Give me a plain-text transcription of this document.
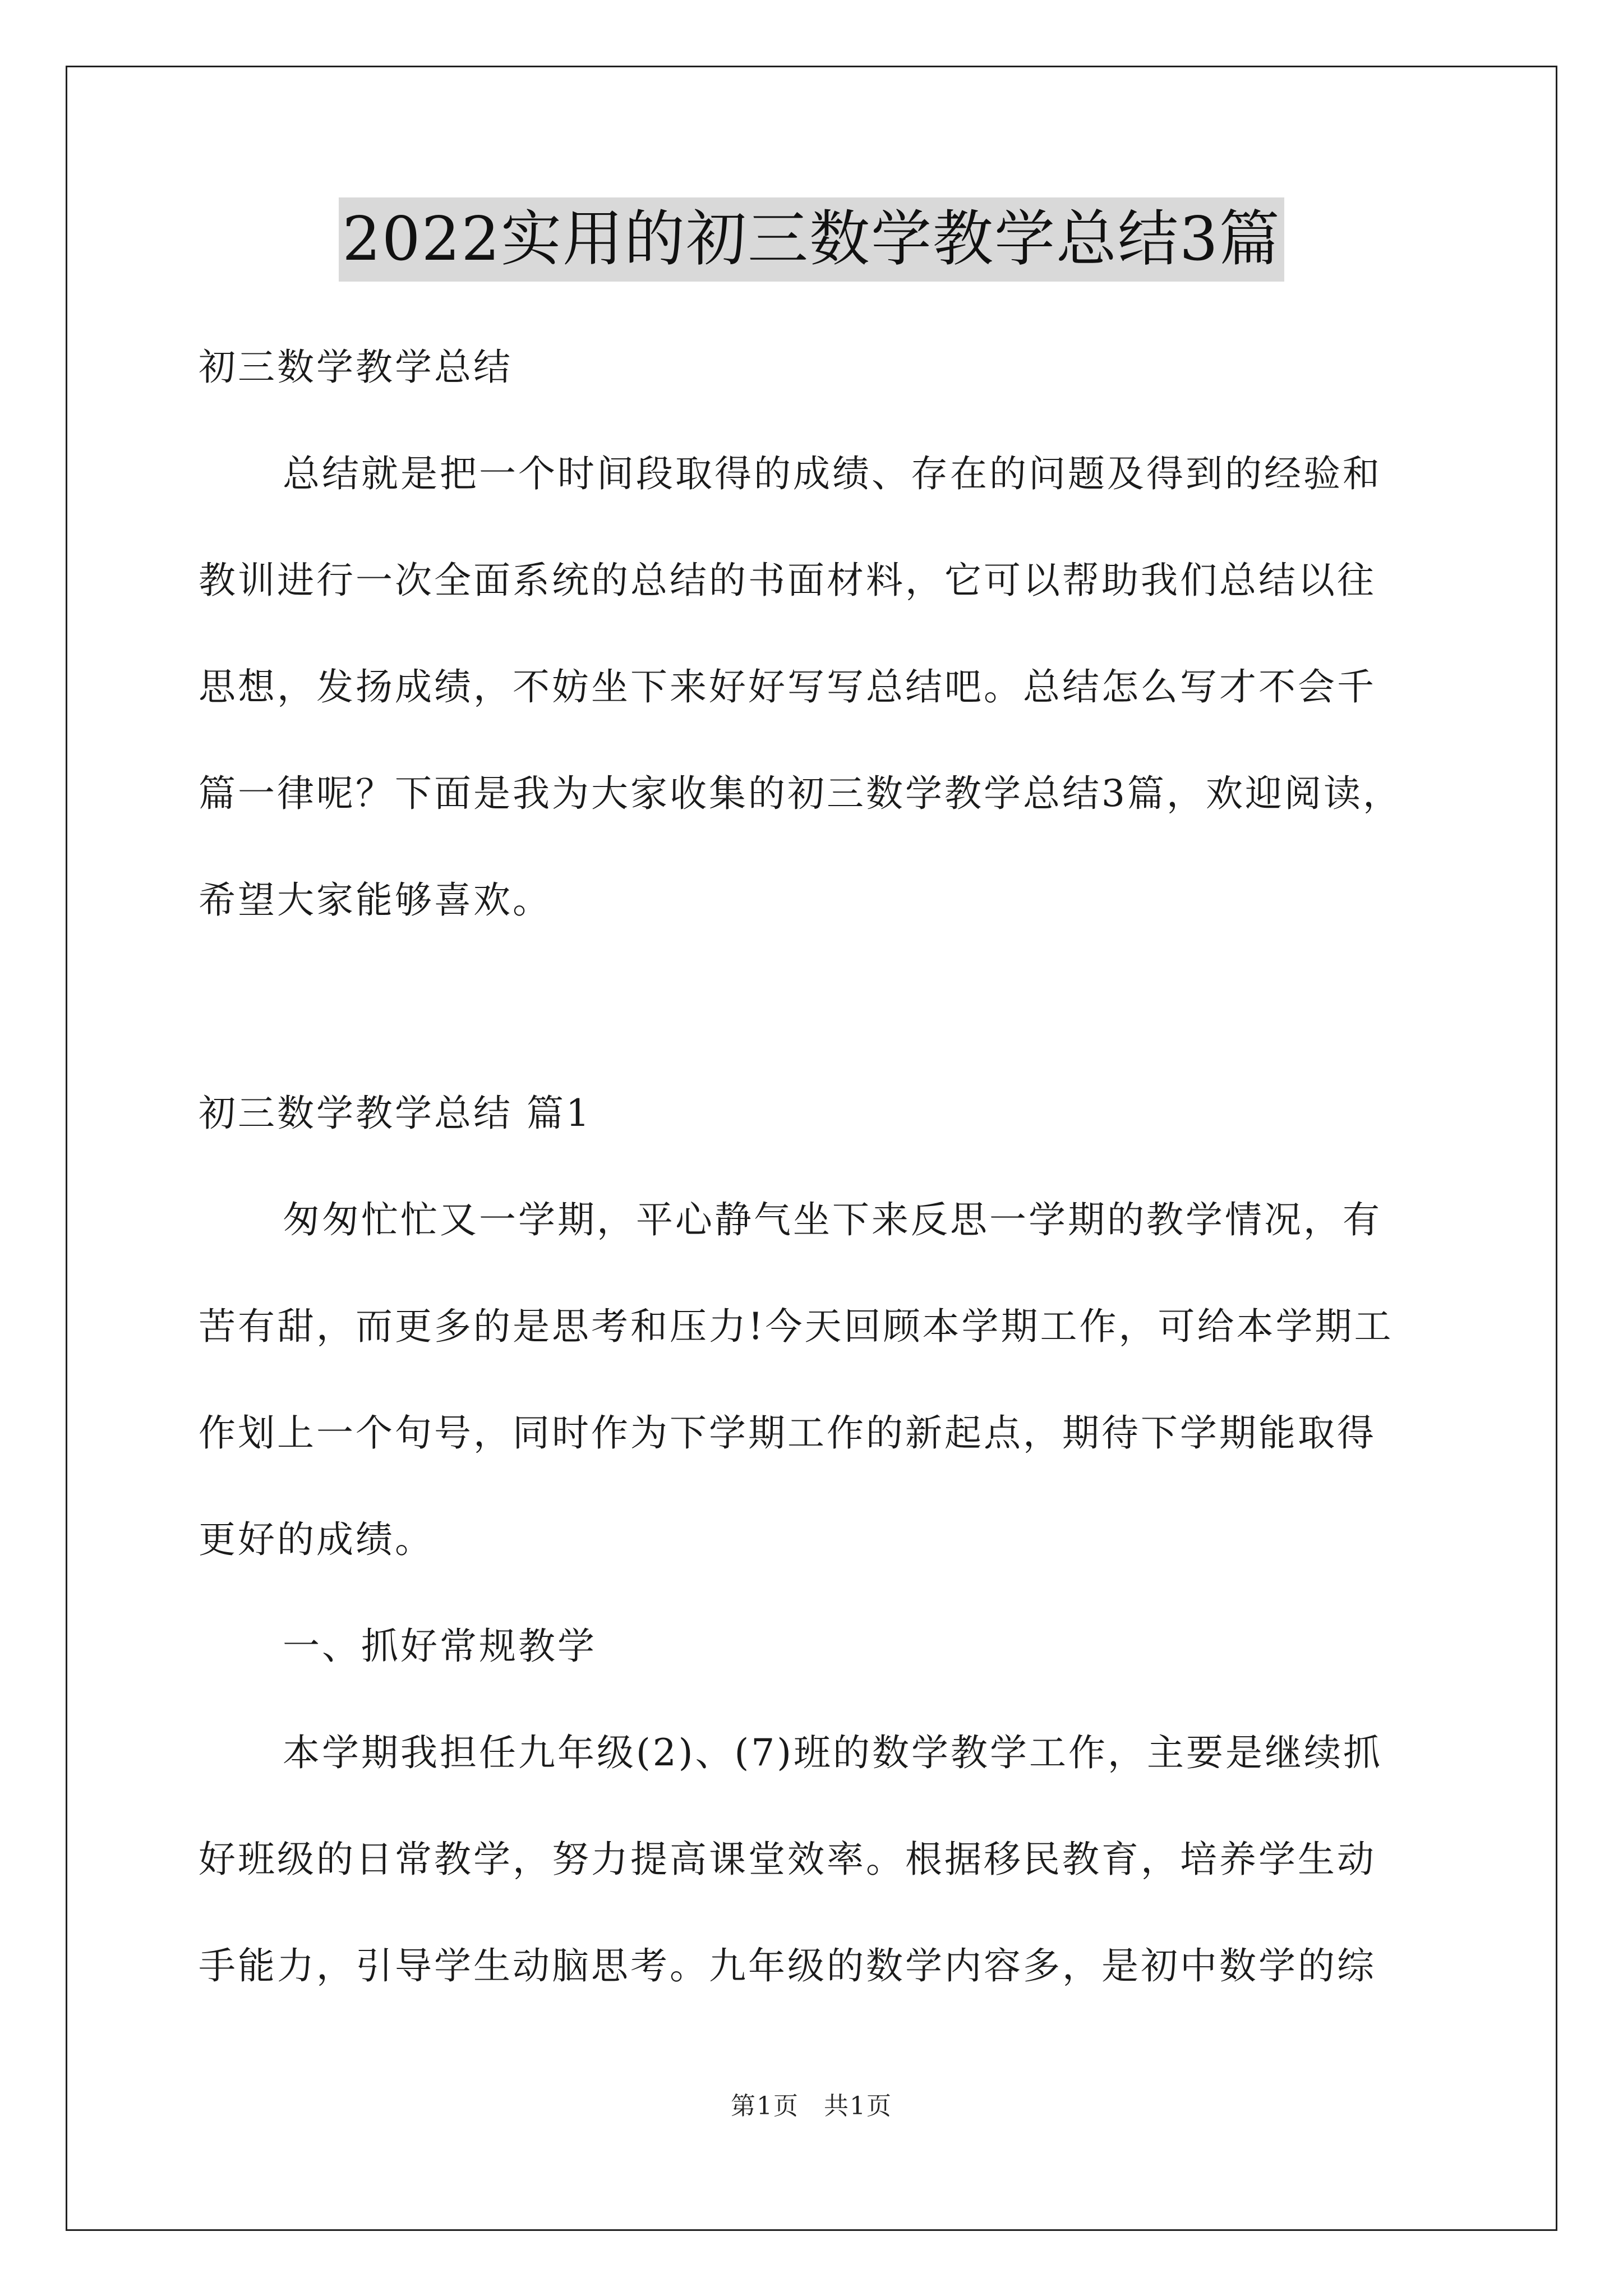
2022实用的初三数学教学总结3篇
初三数学教学总结
总结就是把一个时间段取得的成绩、存在的问题及得到的经验和
教训进行一次全面系统的总结的书面材料，它可以帮助我们总结以往
思想，发扬成绩，不妨坐下来好好写写总结吧。总结怎么写才不会千
篇一律呢？下面是我为大家收集的初三数学教学总结3篇，欢迎阅读，
希望大家能够喜欢。
初三数学教学总结 篇1
匆匆忙忙又一学期，平心静气坐下来反思一学期的教学情况，有
苦有甜，而更多的是思考和压力!今天回顾本学期工作，可给本学期工
作划上一个句号，同时作为下学期工作的新起点，期待下学期能取得
更好的成绩。
一、抓好常规教学
本学期我担任九年级(2)、(7)班的数学教学工作，主要是继续抓
好班级的日常教学，努力提高课堂效率。根据移民教育，培养学生动
手能力，引导学生动脑思考。九年级的数学内容多，是初中数学的综
第1页 共1页
